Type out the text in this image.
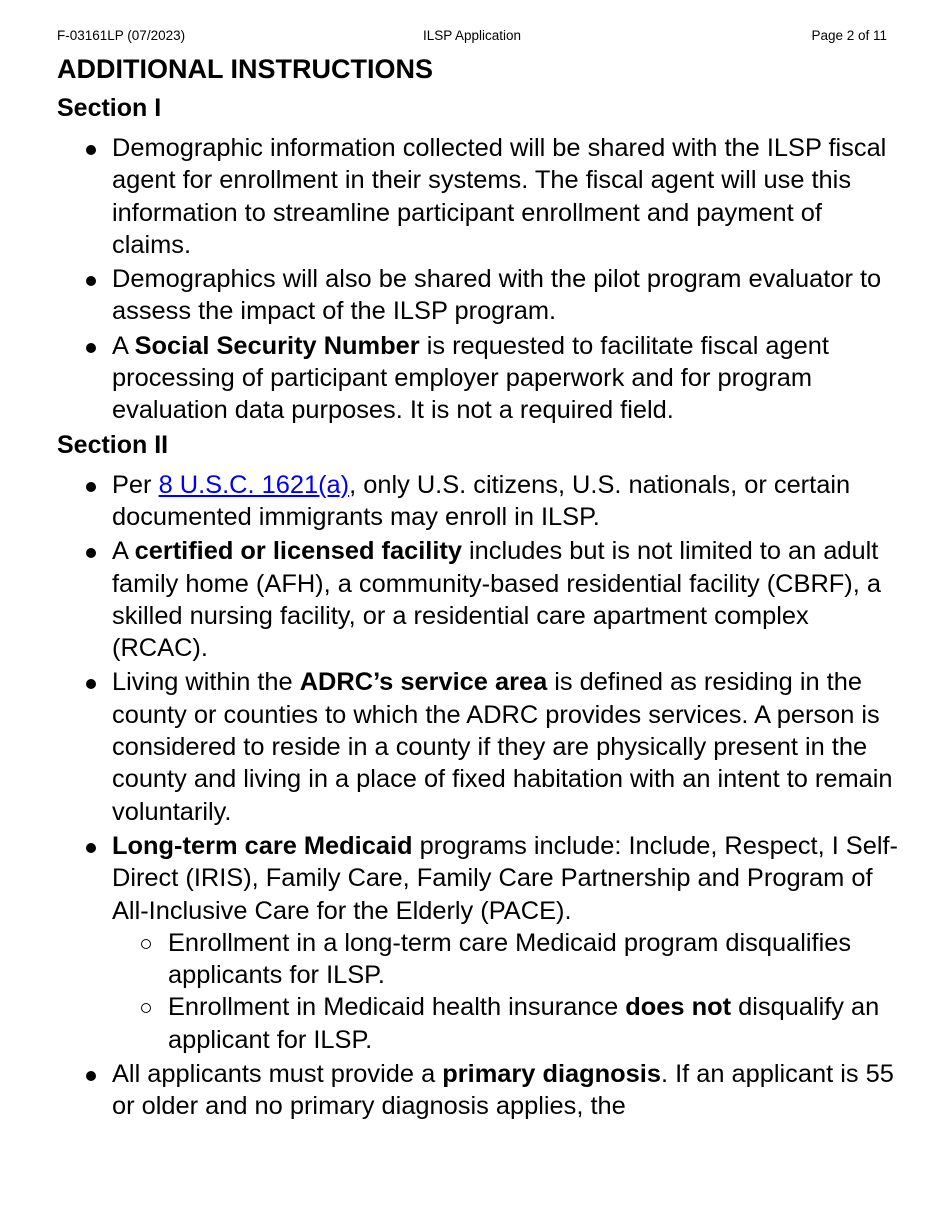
F-03161LP (07/2023)	ILSP Application	Page 2 of 11
ADDITIONAL INSTRUCTIONS
Section I
Demographic information collected will be shared with the ILSP fiscal agent for enrollment in their systems. The fiscal agent will use this information to streamline participant enrollment and payment of claims.
Demographics will also be shared with the pilot program evaluator to assess the impact of the ILSP program.
A Social Security Number is requested to facilitate fiscal agent processing of participant employer paperwork and for program evaluation data purposes. It is not a required field.
Section II
Per 8 U.S.C. 1621(a), only U.S. citizens, U.S. nationals, or certain documented immigrants may enroll in ILSP.
A certified or licensed facility includes but is not limited to an adult family home (AFH), a community-based residential facility (CBRF), a skilled nursing facility, or a residential care apartment complex (RCAC).
Living within the ADRC’s service area is defined as residing in the county or counties to which the ADRC provides services. A person is considered to reside in a county if they are physically present in the county and living in a place of fixed habitation with an intent to remain voluntarily.
Long-term care Medicaid programs include: Include, Respect, I Self-Direct (IRIS), Family Care, Family Care Partnership and Program of All-Inclusive Care for the Elderly (PACE).
Enrollment in a long-term care Medicaid program disqualifies applicants for ILSP.
Enrollment in Medicaid health insurance does not disqualify an applicant for ILSP.
All applicants must provide a primary diagnosis. If an applicant is 55 or older and no primary diagnosis applies, the
